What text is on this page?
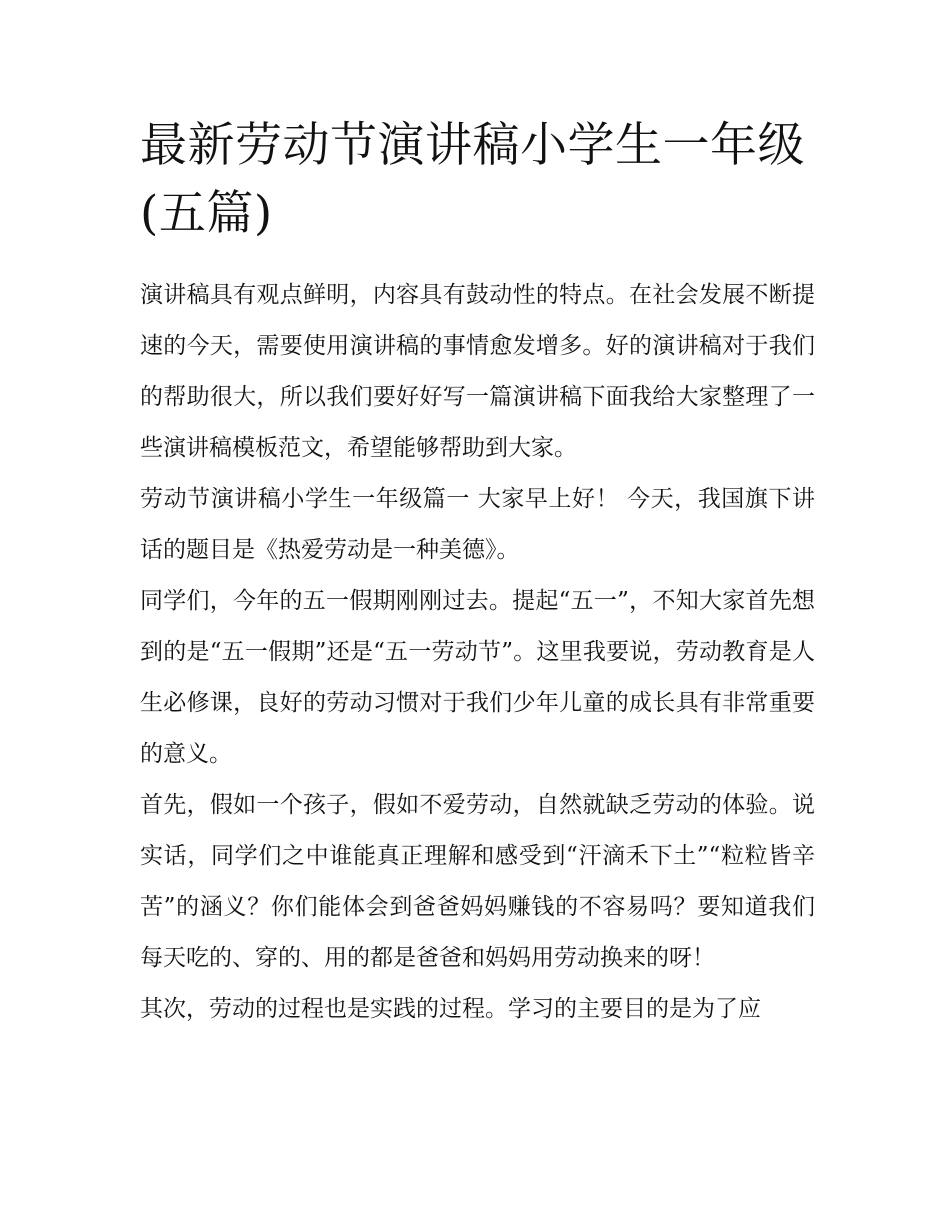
最新劳动节演讲稿小学生一年级(五篇)

演讲稿具有观点鲜明，内容具有鼓动性的特点。在社会发展不断提速的今天，需要使用演讲稿的事情愈发增多。好的演讲稿对于我们的帮助很大，所以我们要好好写一篇演讲稿下面我给大家整理了一些演讲稿模板范文，希望能够帮助到大家。

劳动节演讲稿小学生一年级篇一 大家早上好！ 今天，我国旗下讲话的题目是《热爱劳动是一种美德》。

同学们，今年的五一假期刚刚过去。提起“五一”，不知大家首先想到的是“五一假期”还是“五一劳动节”。这里我要说，劳动教育是人生必修课，良好的劳动习惯对于我们少年儿童的成长具有非常重要的意义。

首先，假如一个孩子，假如不爱劳动，自然就缺乏劳动的体验。说实话，同学们之中谁能真正理解和感受到“汗滴禾下土”“粒粒皆辛苦”的涵义？你们能体会到爸爸妈妈赚钱的不容易吗？要知道我们每天吃的、穿的、用的都是爸爸和妈妈用劳动换来的呀！

其次，劳动的过程也是实践的过程。学习的主要目的是为了应
